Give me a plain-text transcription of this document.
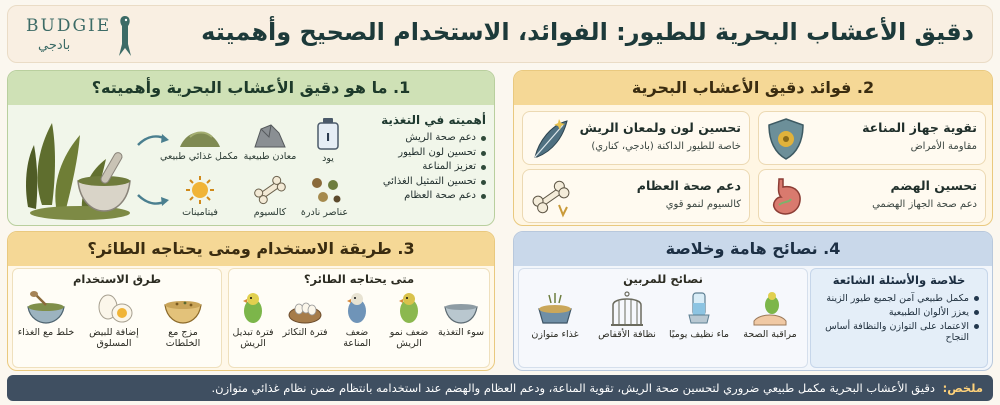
دقيق الأعشاب البحرية للطيور: الفوائد، الاستخدام الصحيح وأهميته
BUDGIE
بادجي
1. ما هو دقيق الأعشاب البحرية وأهميته؟
أهميته في التغذية
دعم صحة الريش
تحسين لون الطيور
تعزيز المناعة
تحسين التمثيل الغذائي
دعم صحة العظام
I
يود
معادن طبيعية
مكمل غذائي طبيعي
عناصر نادرة
كالسيوم
فيتامينات
2. فوائد دقيق الأعشاب البحرية
تقوية جهاز المناعة
مقاومة الأمراض
تحسين لون ولمعان الريش
خاصة للطيور الداكنة (بادجي، كناري)
تحسين الهضم
دعم صحة الجهاز الهضمي
دعم صحة العظام
كالسيوم لنمو قوي
3. طريقة الاستخدام ومتى يحتاجه الطائر؟
متى يحتاجه الطائر؟
سوء التغذية
ضعف نمو الريش
ضعف المناعة
فترة التكاثر
فترة تبديل الريش
طرق الاستخدام
مزج مع الخلطات
إضافة للبيض المسلوق
خلط مع الغذاء
4. نصائح هامة وخلاصة
خلاصة والأسئلة الشائعة
مكمل طبيعي آمن لجميع طيور الزينة
يعزز الألوان الطبيعية
الاعتماد على التوازن والنظافة أساس النجاح
نصائح للمربين
مراقبة الصحة
ماء نظيف يوميًا
نظافة الأقفاص
غذاء متوازن
ملخص: دقيق الأعشاب البحرية مكمل طبيعي ضروري لتحسين صحة الريش، تقوية المناعة، ودعم العظام والهضم عند استخدامه بانتظام ضمن نظام غذائي متوازن.
